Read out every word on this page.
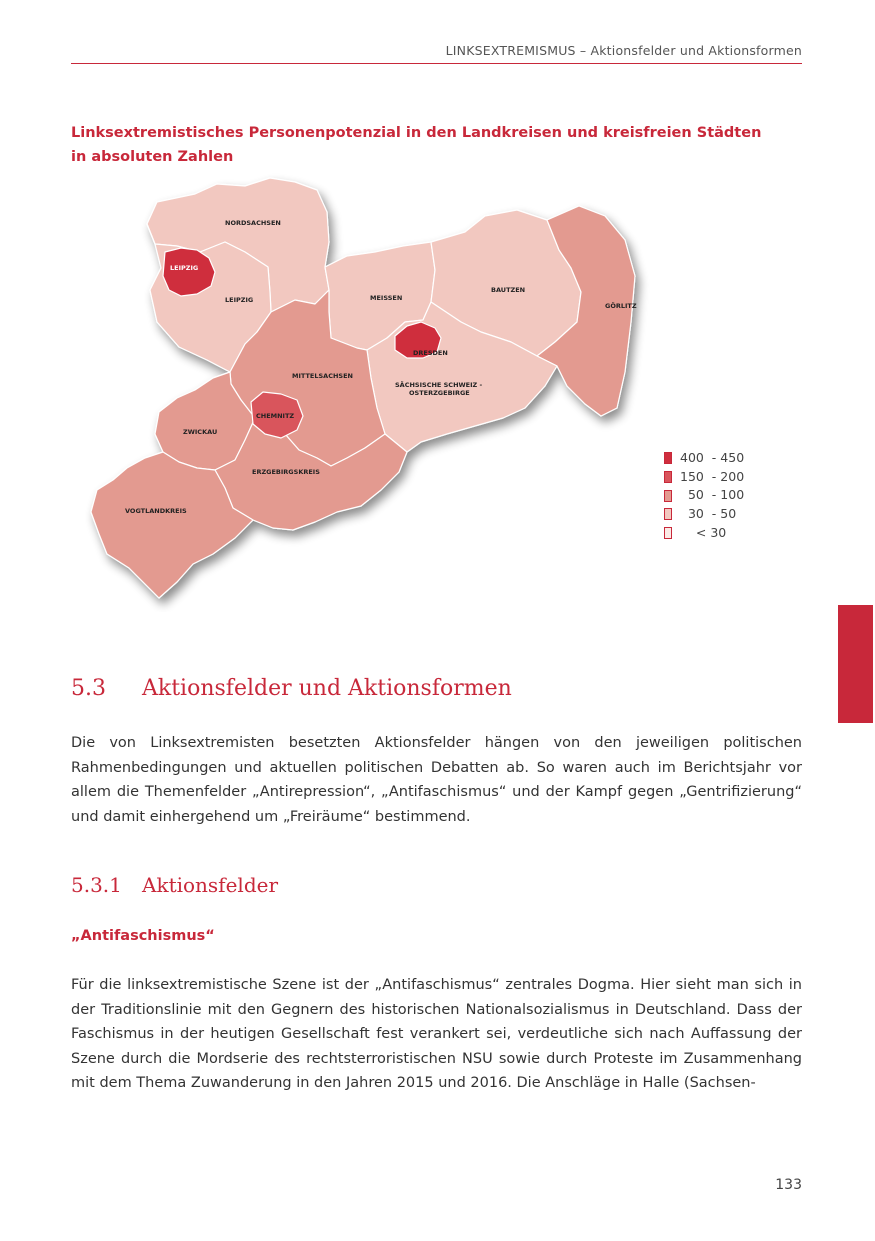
LINKSEXTREMISMUS – Aktionsfelder und Aktionsformen
Linksextremistisches Personenpotenzial in den Landkreisen und kreisfreien Städten
in absoluten Zahlen
NORDSACHSEN
LEIPZIG
LEIPZIG	MEISSEN
BAUTZEN
GÖRLITZ
DRESDEN
MITTELSACHSEN
SÄCHSISCHE SCHWEIZ -
OSTERZGEBIRGE
CHEMNITZ
ZWICKAU
ERZGEBIRGSKREIS
VOGTLANDKREIS
400  - 450
150  - 200
50  - 100
30  - 50
< 30
5.3 Aktionsfelder und Aktionsformen

Die von Linksextremisten besetzten Aktionsfelder hängen von den jeweiligen politischen Rahmenbedingungen und aktuellen politischen Debatten ab. So waren auch im Berichtsjahr vor allem die Themenfelder „Antirepression“, „Antifaschismus“ und der Kampf gegen „Gentrifizierung“ und damit einhergehend um „Freiräume“ bestimmend.

5.3.1 Aktionsfelder
„Antifaschismus“

Für die linksextremistische Szene ist der „Antifaschismus“ zentrales Dogma. Hier sieht man sich in der Traditionslinie mit den Gegnern des historischen Nationalsozialismus in Deutschland. Dass der Faschismus in der heutigen Gesellschaft fest verankert sei, verdeutliche sich nach Auffassung der Szene durch die Mordserie des rechtsterroristischen NSU sowie durch Proteste im Zusammenhang mit dem Thema Zuwanderung in den Jahren 2015 und 2016. Die Anschläge in Halle (Sachsen-

133
